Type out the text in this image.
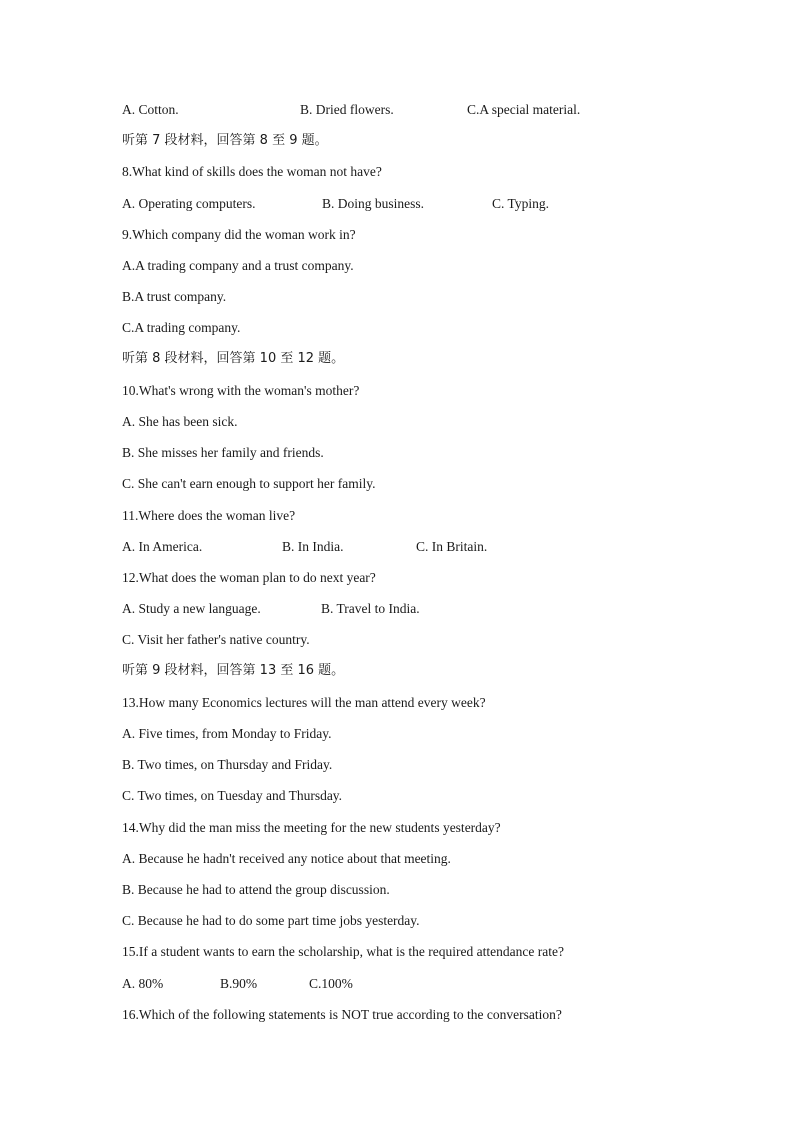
A. Cotton.	B. Dried flowers.	C.A special material.
听第 7 段材料，回答第 8 至 9 题。
8.What kind of skills does the woman not have?
A. Operating computers.	B. Doing business.	C. Typing.
9.Which company did the woman work in?
A.A trading company and a trust company.
B.A trust company.
C.A trading company.
听第 8 段材料，回答第 10 至 12 题。
10.What's wrong with the woman's mother?
A. She has been sick.
B. She misses her family and friends.
C. She can't earn enough to support her family.
11.Where does the woman live?
A. In America.	B. In India.	C. In Britain.
12.What does the woman plan to do next year?
A. Study a new language.	B. Travel to India.
C. Visit her father's native country.
听第 9 段材料，回答第 13 至 16 题。
13.How many Economics lectures will the man attend every week?
A. Five times, from Monday to Friday.
B. Two times, on Thursday and Friday.
C. Two times, on Tuesday and Thursday.
14.Why did the man miss the meeting for the new students yesterday?
A. Because he hadn't received any notice about that meeting.
B. Because he had to attend the group discussion.
C. Because he had to do some part time jobs yesterday.
15.If a student wants to earn the scholarship, what is the required attendance rate?
A. 80%	B.90%	C.100%
16.Which of the following statements is NOT true according to the conversation?
